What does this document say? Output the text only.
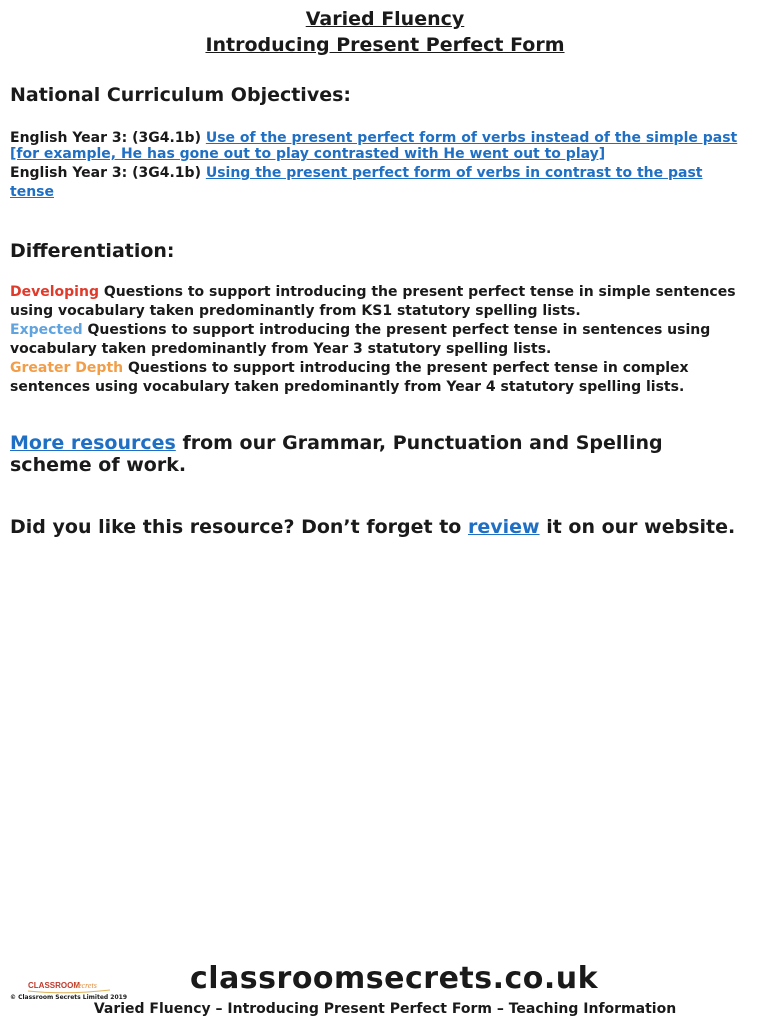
Varied Fluency
Introducing Present Perfect Form
National Curriculum Objectives:
English Year 3: (3G4.1b) Use of the present perfect form of verbs instead of the simple past
[for example, He has gone out to play contrasted with He went out to play]
English Year 3: (3G4.1b) Using the present perfect form of verbs in contrast to the past
tense
Differentiation:
Developing Questions to support introducing the present perfect tense in simple sentences
using vocabulary taken predominantly from KS1 statutory spelling lists.
Expected Questions to support introducing the present perfect tense in sentences using
vocabulary taken predominantly from Year 3 statutory spelling lists.
Greater Depth Questions to support introducing the present perfect tense in complex
sentences using vocabulary taken predominantly from Year 4 statutory spelling lists.
More resources from our Grammar, Punctuation and Spelling
scheme of work.
Did you like this resource? Don’t forget to review it on our website.
CLASSROOM
Secrets
© Classroom Secrets Limited 2019
classroomsecrets.co.uk
Varied Fluency – Introducing Present Perfect Form – Teaching Information
